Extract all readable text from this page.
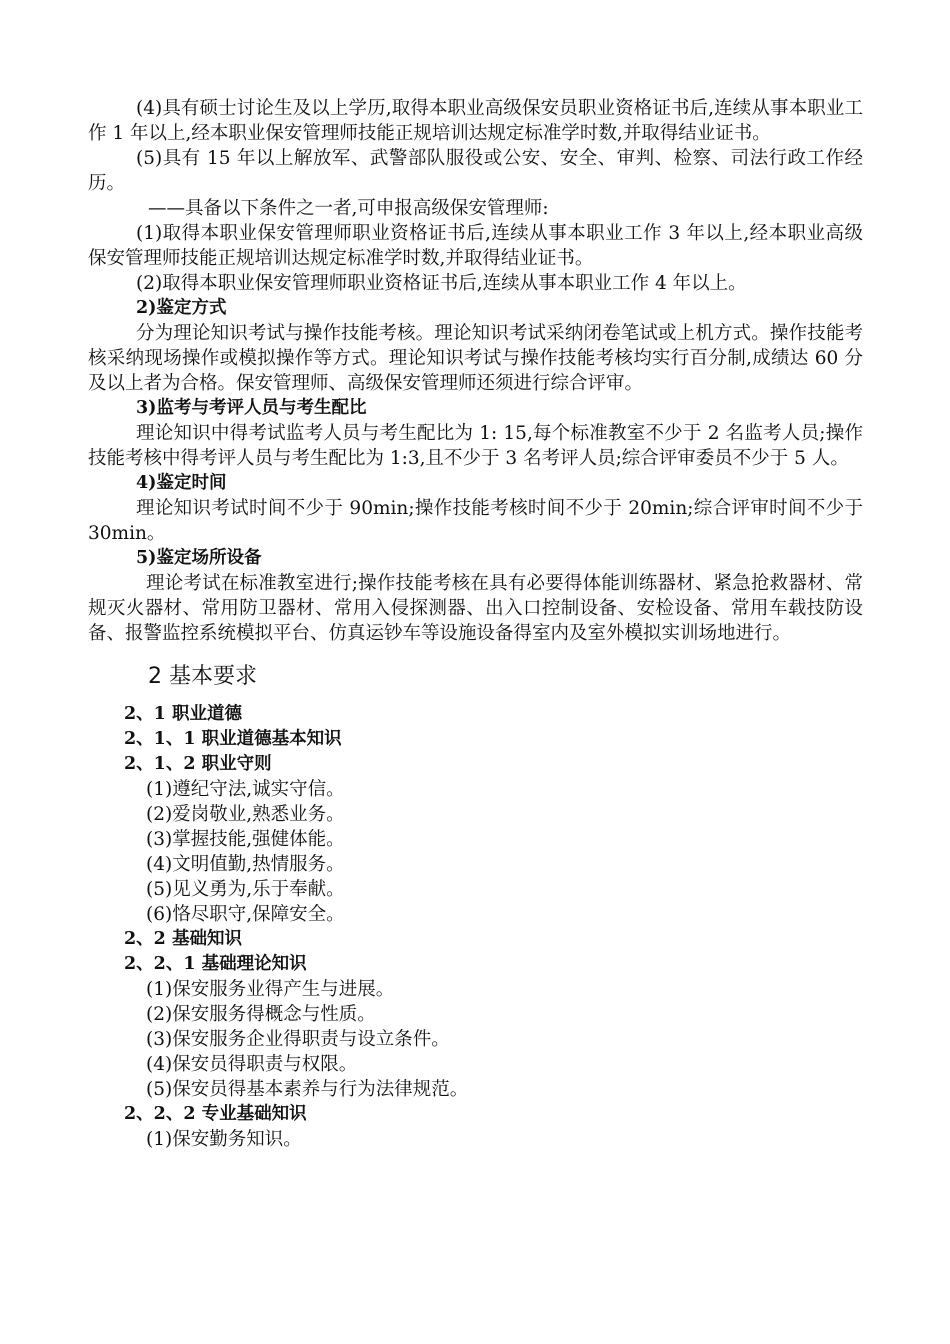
(4)具有硕士讨论生及以上学历,取得本职业高级保安员职业资格证书后,连续从事本职业工作 1 年以上,经本职业保安管理师技能正规培训达规定标准学时数,并取得结业证书。

(5)具有 15 年以上解放军、武警部队服役或公安、安全、审判、检察、司法行政工作经历。

——具备以下条件之一者,可申报高级保安管理师:

(1)取得本职业保安管理师职业资格证书后,连续从事本职业工作 3 年以上,经本职业高级保安管理师技能正规培训达规定标准学时数,并取得结业证书。

(2)取得本职业保安管理师职业资格证书后,连续从事本职业工作 4 年以上。

2)鉴定方式

分为理论知识考试与操作技能考核。理论知识考试采纳闭卷笔试或上机方式。操作技能考核采纳现场操作或模拟操作等方式。理论知识考试与操作技能考核均实行百分制,成绩达 60 分及以上者为合格。保安管理师、高级保安管理师还须进行综合评审。

3)监考与考评人员与考生配比

理论知识中得考试监考人员与考生配比为 1: 15,每个标准教室不少于 2 名监考人员;操作技能考核中得考评人员与考生配比为 1:3,且不少于 3 名考评人员;综合评审委员不少于 5 人。

4)鉴定时间

理论知识考试时间不少于 90min;操作技能考核时间不少于 20min;综合评审时间不少于 30min。

5)鉴定场所设备

理论考试在标准教室进行;操作技能考核在具有必要得体能训练器材、紧急抢救器材、常规灭火器材、常用防卫器材、常用入侵探测器、出入口控制设备、安检设备、常用车载技防设备、报警监控系统模拟平台、仿真运钞车等设施设备得室内及室外模拟实训场地进行。

2 基本要求

2、1 职业道德

2、1、1 职业道德基本知识

2、1、2 职业守则

(1)遵纪守法,诚实守信。

(2)爱岗敬业,熟悉业务。

(3)掌握技能,强健体能。

(4)文明值勤,热情服务。

(5)见义勇为,乐于奉献。

(6)恪尽职守,保障安全。

2、2 基础知识

2、2、1 基础理论知识

(1)保安服务业得产生与进展。

(2)保安服务得概念与性质。

(3)保安服务企业得职责与设立条件。

(4)保安员得职责与权限。

(5)保安员得基本素养与行为法律规范。

2、2、2 专业基础知识

(1)保安勤务知识。
